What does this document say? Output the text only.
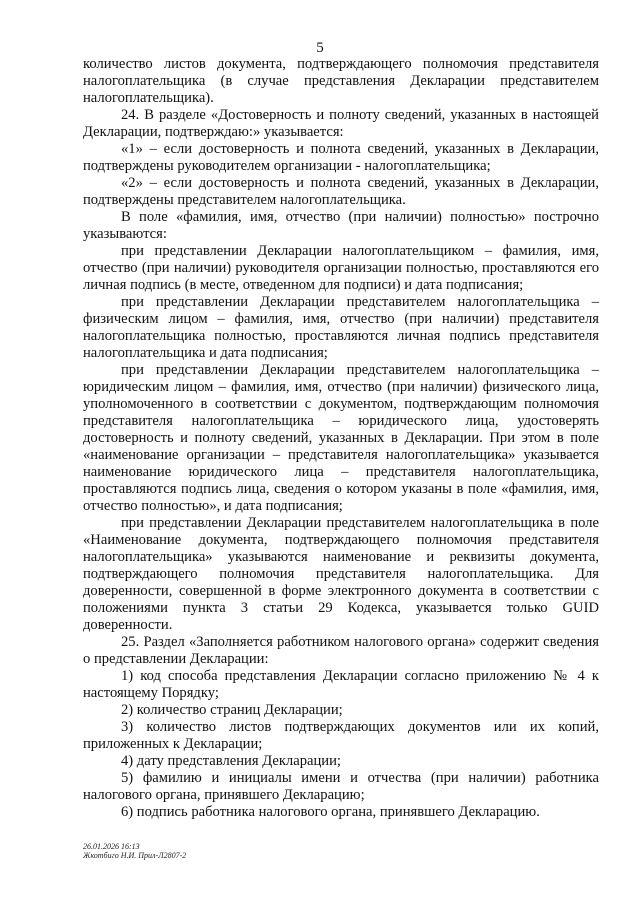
5

количество листов документа, подтверждающего полномочия представителя налогоплательщика (в случае представления Декларации представителем налогоплательщика).

24. В разделе «Достоверность и полноту сведений, указанных в настоящей Декларации, подтверждаю:» указывается:

«1» – если достоверность и полнота сведений, указанных в Декларации, подтверждены руководителем организации - налогоплательщика;

«2» – если достоверность и полнота сведений, указанных в Декларации, подтверждены представителем налогоплательщика.

В поле «фамилия, имя, отчество (при наличии) полностью» построчно указываются:

при представлении Декларации налогоплательщиком – фамилия, имя, отчество (при наличии) руководителя организации полностью, проставляются его личная подпись (в месте, отведенном для подписи) и дата подписания;

при представлении Декларации представителем налогоплательщика – физическим лицом – фамилия, имя, отчество (при наличии) представителя налогоплательщика полностью, проставляются личная подпись представителя налогоплательщика и дата подписания;

при представлении Декларации представителем налогоплательщика – юридическим лицом – фамилия, имя, отчество (при наличии) физического лица, уполномоченного в соответствии с документом, подтверждающим полномочия представителя налогоплательщика – юридического лица, удостоверять достоверность и полноту сведений, указанных в Декларации. При этом в поле «наименование организации – представителя налогоплательщика» указывается наименование юридического лица – представителя налогоплательщика, проставляются подпись лица, сведения о котором указаны в поле «фамилия, имя, отчество полностью», и дата подписания;

при представлении Декларации представителем налогоплательщика в поле «Наименование документа, подтверждающего полномочия представителя налогоплательщика» указываются наименование и реквизиты документа, подтверждающего полномочия представителя налогоплательщика. Для доверенности, совершенной в форме электронного документа в соответствии с положениями пункта 3 статьи 29 Кодекса, указывается только GUID доверенности.

25. Раздел «Заполняется работником налогового органа» содержит сведения о представлении Декларации:

1) код способа представления Декларации согласно приложению № 4 к настоящему Порядку;

2) количество страниц Декларации;

3) количество листов подтверждающих документов или их копий, приложенных к Декларации;

4) дату представления Декларации;

5) фамилию и инициалы имени и отчества (при наличии) работника налогового органа, принявшего Декларацию;

6) подпись работника налогового органа, принявшего Декларацию.

26.01.2026 16:13
Жкотбиго Н.И. Прил-Л2807-2
